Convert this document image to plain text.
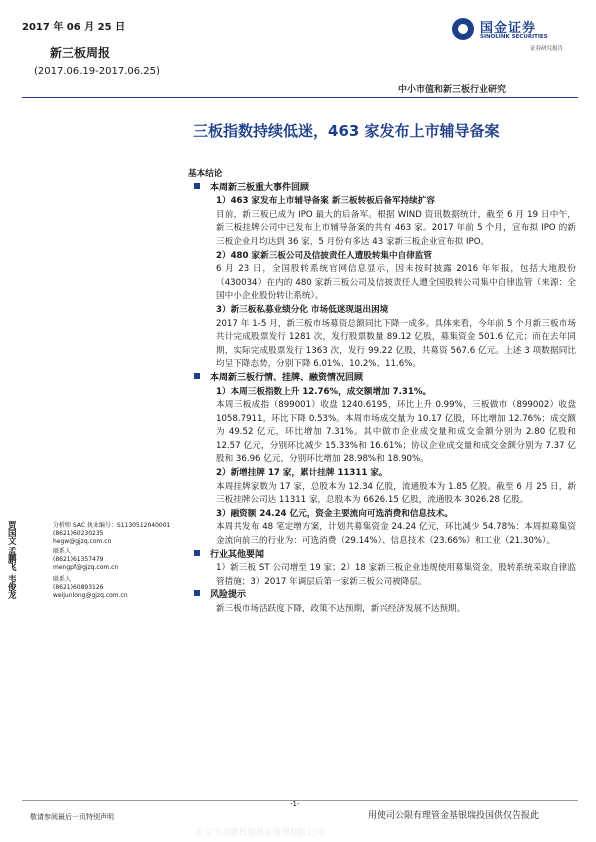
2017 年 06 月 25 日	国金证券
SINOLINK SECURITIES
证券研究报告
新三板周报
(2017.06.19-2017.06.25)
中小市值和新三板行业研究
三板指数持续低迷，463 家发布上市辅导备案

基本结论

本周新三板重大事件回顾

1）463 家发布上市辅导备案 新三板转板后备军持续扩容

目前，新三板已成为 IPO 最大的后备军。根据 WIND 资讯数据统计，截至 6 月 19 日中午，新三板挂牌公司中已发布上市辅导备案的共有 463 家。2017 年前 5 个月，宣布拟 IPO 的新三板企业月均达到 36 家，5 月份有多达 43 家新三板企业宣布拟 IPO。

2）480 家新三板公司及信披责任人遭股转集中自律监管

6 月 23 日，全国股转系统官网信息显示，因未按时披露 2016 年年报，包括大地股份（430034）在内的 480 家新三板公司及信披责任人遭全国股转公司集中自律监管（来源：全国中小企业股份转让系统）。

3）新三板私募业绩分化 市场低迷现退出困境

2017 年 1-5 月，新三板市场募资总额同比下降一成多。具体来看，今年前 5 个月新三板市场共计完成股票发行 1281 次，发行股票数量 89.12 亿股，募集资金 501.6 亿元；而在去年同期，实际完成股票发行 1363 次，发行 99.22 亿股，共募资 567.6 亿元。上述 3 项数据同比均呈下降态势，分别下降 6.01%、10.2%、11.6%。

本周新三板行情、挂牌、融资情况回顾

1）本周三板指数上升 12.76%，成交额增加 7.31%。

本周三板成指（899001）收盘 1240.6195，环比上升 0.99%，三板做市（899002）收盘 1058.7911，环比下降 0.53%。本周市场成交量为 10.17 亿股，环比增加 12.76%；成交额为 49.52 亿元，环比增加 7.31%。其中做市企业成交量和成交金额分别为 2.80 亿股和 12.57 亿元，分别环比减少 15.33%和 16.61%；协议企业成交量和成交金额分别为 7.37 亿股和 36.96 亿元，分别环比增加 28.98%和 18.90%。

2）新增挂牌 17 家，累计挂牌 11311 家。

本周挂牌家数为 17 家，总股本为 12.34 亿股，流通股本为 1.85 亿股。截至 6 月 25 日，新三板挂牌公司达 11311 家，总股本为 6626.15 亿股，流通股本 3026.28 亿股。

3）融资额 24.24 亿元，资金主要流向可选消费和信息技术。

本周共发布 48 笔定增方案，计划共募集资金 24.24 亿元，环比减少 54.78%：本周拟募集资金流向前三的行业为：可选消费（29.14%）、信息技术（23.66%）和工业（21.30%）。

行业其他要闻

1）新三板 ST 公司增至 19 家；2）18 家新三板企业违规使用募集资金，股转系统采取自律监管措施；3）2017 年调层后第一家新三板公司被降层。

风险提示

新三板市场活跃度下降，政策不达预期，新兴经济发展不达预期。

贾国文
分析师 SAC 执业编号：S1130512040001
(8621)60230235
hegw@gjzq.com.cn
孟鹏飞
联系人
(8621)61357479
mengpf@gjzq.com.cn
韦俊龙
联系人
(8621)60893126
weijunlong@gjzq.com.cn
-1-
敬请参阅最后一页特别声明	用使司公限有理管金基银瑞投国供仅告报此
北京市金融投资基金管理有限公司
